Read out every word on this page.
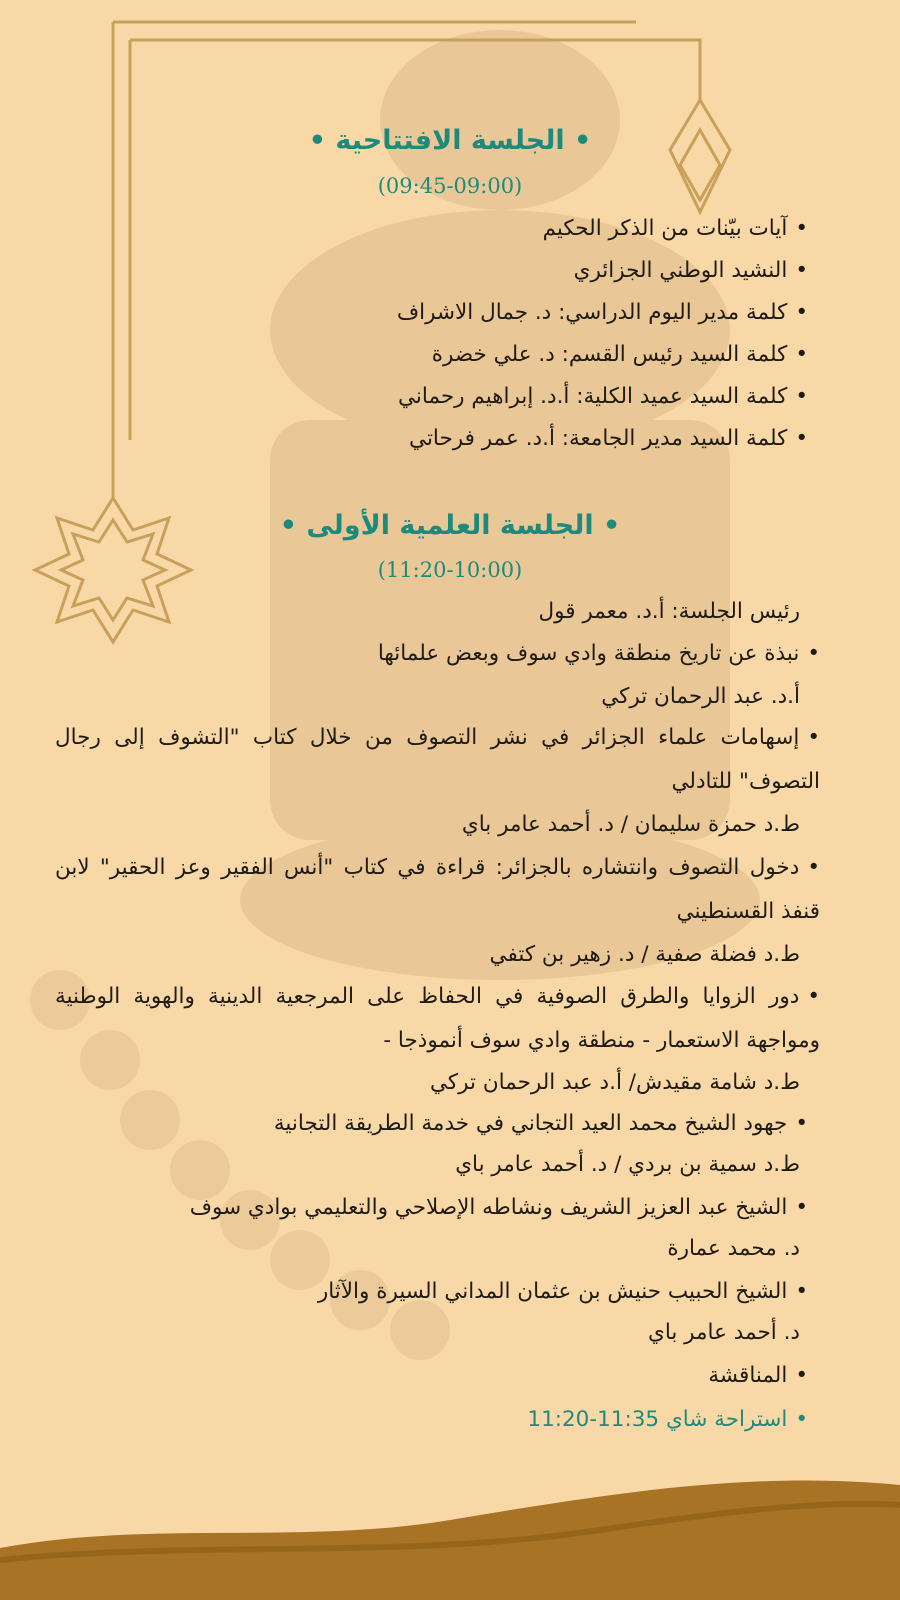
• الجلسة الافتتاحية •
(09:45-09:00)
•آيات بيّنات من الذكر الحكيم
•النشيد الوطني الجزائري
•كلمة مدير اليوم الدراسي: د. جمال الاشراف
•كلمة السيد رئيس القسم: د. علي خضرة
•كلمة السيد عميد الكلية: أ.د. إبراهيم رحماني
•كلمة السيد مدير الجامعة: أ.د. عمر فرحاتي
• الجلسة العلمية الأولى •
(11:20-10:00)
رئيس الجلسة: أ.د. معمر قول
•نبذة عن تاريخ منطقة وادي سوف وبعض علمائها
أ.د. عبد الرحمان تركي
•إسهامات علماء الجزائر في نشر التصوف من خلال كتاب "التشوف إلى رجال التصوف" للتادلي
ط.د حمزة سليمان / د. أحمد عامر باي
•دخول التصوف وانتشاره بالجزائر: قراءة في كتاب "أنس الفقير وعز الحقير" لابن قنفذ القسنطيني
ط.د فضلة صفية / د. زهير بن كتفي
•دور الزوايا والطرق الصوفية في الحفاظ على المرجعية الدينية والهوية الوطنية ومواجهة الاستعمار - منطقة وادي سوف أنموذجا -
ط.د شامة مقيدش/ أ.د عبد الرحمان تركي
•جهود الشيخ محمد العيد التجاني في خدمة الطريقة التجانية
ط.د سمية بن بردي / د. أحمد عامر باي
•الشيخ عبد العزيز الشريف ونشاطه الإصلاحي والتعليمي بوادي سوف
د. محمد عمارة
•الشيخ الحبيب حنيش بن عثمان المداني السيرة والآثار
د. أحمد عامر باي
•المناقشة
•استراحة شاي 11:35-11:20
